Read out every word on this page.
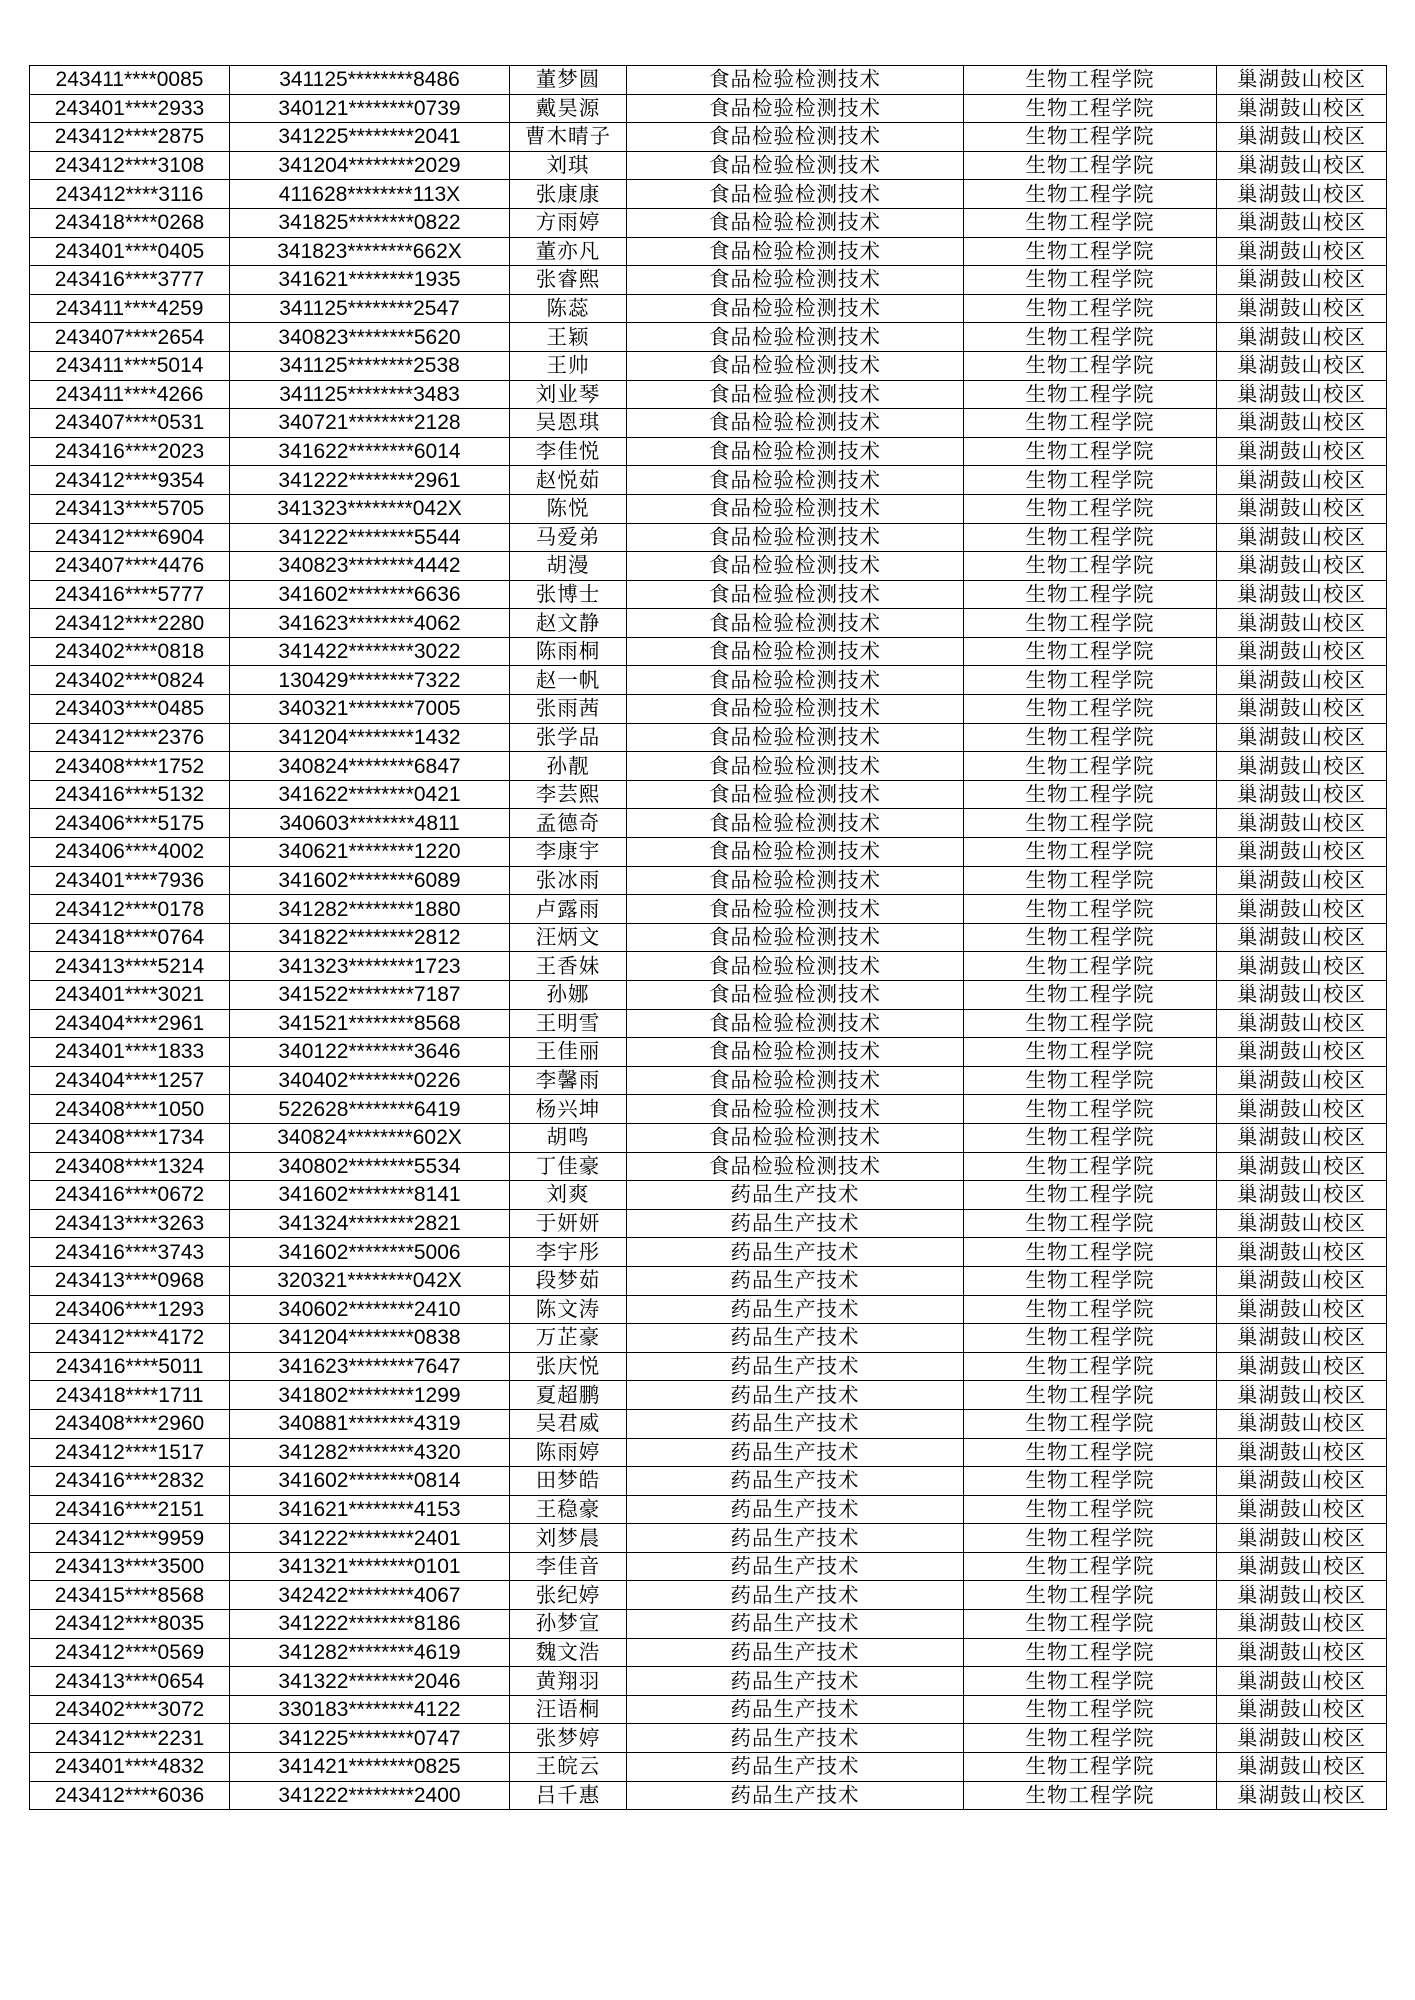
243411****0085	341125********8486	董梦圆	食品检验检测技术	生物工程学院	巢湖鼓山校区
243401****2933	340121********0739	戴昊源	食品检验检测技术	生物工程学院	巢湖鼓山校区
243412****2875	341225********2041	曹木晴子	食品检验检测技术	生物工程学院	巢湖鼓山校区
243412****3108	341204********2029	刘琪	食品检验检测技术	生物工程学院	巢湖鼓山校区
243412****3116	411628********113X	张康康	食品检验检测技术	生物工程学院	巢湖鼓山校区
243418****0268	341825********0822	方雨婷	食品检验检测技术	生物工程学院	巢湖鼓山校区
243401****0405	341823********662X	董亦凡	食品检验检测技术	生物工程学院	巢湖鼓山校区
243416****3777	341621********1935	张睿熙	食品检验检测技术	生物工程学院	巢湖鼓山校区
243411****4259	341125********2547	陈蕊	食品检验检测技术	生物工程学院	巢湖鼓山校区
243407****2654	340823********5620	王颖	食品检验检测技术	生物工程学院	巢湖鼓山校区
243411****5014	341125********2538	王帅	食品检验检测技术	生物工程学院	巢湖鼓山校区
243411****4266	341125********3483	刘业琴	食品检验检测技术	生物工程学院	巢湖鼓山校区
243407****0531	340721********2128	吴恩琪	食品检验检测技术	生物工程学院	巢湖鼓山校区
243416****2023	341622********6014	李佳悦	食品检验检测技术	生物工程学院	巢湖鼓山校区
243412****9354	341222********2961	赵悦茹	食品检验检测技术	生物工程学院	巢湖鼓山校区
243413****5705	341323********042X	陈悦	食品检验检测技术	生物工程学院	巢湖鼓山校区
243412****6904	341222********5544	马爱弟	食品检验检测技术	生物工程学院	巢湖鼓山校区
243407****4476	340823********4442	胡漫	食品检验检测技术	生物工程学院	巢湖鼓山校区
243416****5777	341602********6636	张博士	食品检验检测技术	生物工程学院	巢湖鼓山校区
243412****2280	341623********4062	赵文静	食品检验检测技术	生物工程学院	巢湖鼓山校区
243402****0818	341422********3022	陈雨桐	食品检验检测技术	生物工程学院	巢湖鼓山校区
243402****0824	130429********7322	赵一帆	食品检验检测技术	生物工程学院	巢湖鼓山校区
243403****0485	340321********7005	张雨茜	食品检验检测技术	生物工程学院	巢湖鼓山校区
243412****2376	341204********1432	张学品	食品检验检测技术	生物工程学院	巢湖鼓山校区
243408****1752	340824********6847	孙靓	食品检验检测技术	生物工程学院	巢湖鼓山校区
243416****5132	341622********0421	李芸熙	食品检验检测技术	生物工程学院	巢湖鼓山校区
243406****5175	340603********4811	孟德奇	食品检验检测技术	生物工程学院	巢湖鼓山校区
243406****4002	340621********1220	李康宇	食品检验检测技术	生物工程学院	巢湖鼓山校区
243401****7936	341602********6089	张冰雨	食品检验检测技术	生物工程学院	巢湖鼓山校区
243412****0178	341282********1880	卢露雨	食品检验检测技术	生物工程学院	巢湖鼓山校区
243418****0764	341822********2812	汪炳文	食品检验检测技术	生物工程学院	巢湖鼓山校区
243413****5214	341323********1723	王香妹	食品检验检测技术	生物工程学院	巢湖鼓山校区
243401****3021	341522********7187	孙娜	食品检验检测技术	生物工程学院	巢湖鼓山校区
243404****2961	341521********8568	王明雪	食品检验检测技术	生物工程学院	巢湖鼓山校区
243401****1833	340122********3646	王佳丽	食品检验检测技术	生物工程学院	巢湖鼓山校区
243404****1257	340402********0226	李馨雨	食品检验检测技术	生物工程学院	巢湖鼓山校区
243408****1050	522628********6419	杨兴坤	食品检验检测技术	生物工程学院	巢湖鼓山校区
243408****1734	340824********602X	胡鸣	食品检验检测技术	生物工程学院	巢湖鼓山校区
243408****1324	340802********5534	丁佳豪	食品检验检测技术	生物工程学院	巢湖鼓山校区
243416****0672	341602********8141	刘爽	药品生产技术	生物工程学院	巢湖鼓山校区
243413****3263	341324********2821	于妍妍	药品生产技术	生物工程学院	巢湖鼓山校区
243416****3743	341602********5006	李宇彤	药品生产技术	生物工程学院	巢湖鼓山校区
243413****0968	320321********042X	段梦茹	药品生产技术	生物工程学院	巢湖鼓山校区
243406****1293	340602********2410	陈文涛	药品生产技术	生物工程学院	巢湖鼓山校区
243412****4172	341204********0838	万芷豪	药品生产技术	生物工程学院	巢湖鼓山校区
243416****5011	341623********7647	张庆悦	药品生产技术	生物工程学院	巢湖鼓山校区
243418****1711	341802********1299	夏超鹏	药品生产技术	生物工程学院	巢湖鼓山校区
243408****2960	340881********4319	吴君威	药品生产技术	生物工程学院	巢湖鼓山校区
243412****1517	341282********4320	陈雨婷	药品生产技术	生物工程学院	巢湖鼓山校区
243416****2832	341602********0814	田梦皓	药品生产技术	生物工程学院	巢湖鼓山校区
243416****2151	341621********4153	王稳豪	药品生产技术	生物工程学院	巢湖鼓山校区
243412****9959	341222********2401	刘梦晨	药品生产技术	生物工程学院	巢湖鼓山校区
243413****3500	341321********0101	李佳音	药品生产技术	生物工程学院	巢湖鼓山校区
243415****8568	342422********4067	张纪婷	药品生产技术	生物工程学院	巢湖鼓山校区
243412****8035	341222********8186	孙梦宣	药品生产技术	生物工程学院	巢湖鼓山校区
243412****0569	341282********4619	魏文浩	药品生产技术	生物工程学院	巢湖鼓山校区
243413****0654	341322********2046	黄翔羽	药品生产技术	生物工程学院	巢湖鼓山校区
243402****3072	330183********4122	汪语桐	药品生产技术	生物工程学院	巢湖鼓山校区
243412****2231	341225********0747	张梦婷	药品生产技术	生物工程学院	巢湖鼓山校区
243401****4832	341421********0825	王皖云	药品生产技术	生物工程学院	巢湖鼓山校区
243412****6036	341222********2400	吕千惠	药品生产技术	生物工程学院	巢湖鼓山校区
